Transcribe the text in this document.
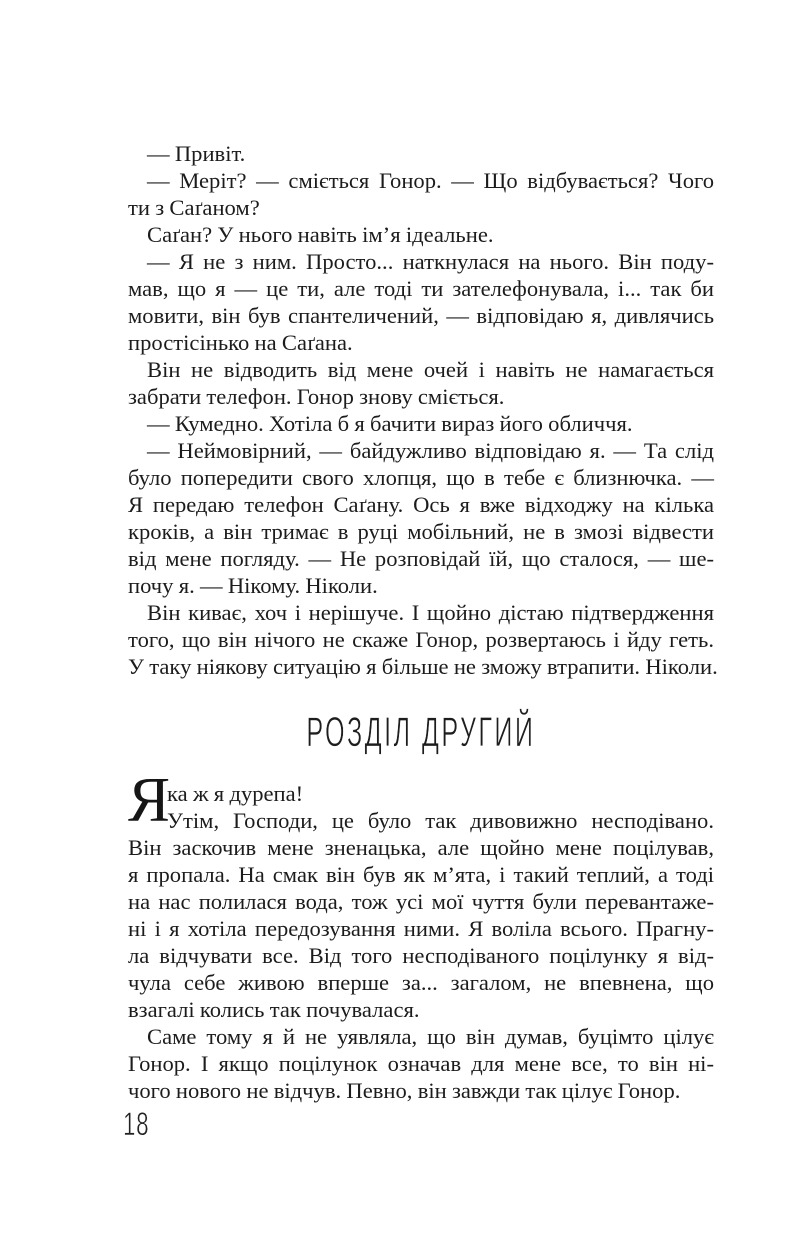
— Привіт.
— Меріт? — сміється Гонор. — Що відбувається? Чого
ти з Саґаном?
Саґан? У нього навіть ім’я ідеальне.
— Я не з ним. Просто... наткнулася на нього. Він поду-
мав, що я — це ти, але тоді ти зателефонувала, і... так би
мовити, він був спантеличений, — відповідаю я, дивлячись
простісінько на Саґана.
Він не відводить від мене очей і навіть не намагається
забрати телефон. Гонор знову сміється.
— Кумедно. Хотіла б я бачити вираз його обличчя.
— Неймовірний, — байдужливо відповідаю я. — Та слід
було попередити свого хлопця, що в тебе є близнючка. —
Я передаю телефон Саґану. Ось я вже відходжу на кілька
кроків, а він тримає в руці мобільний, не в змозі відвести
від мене погляду. — Не розповідай їй, що сталося, — ше-
почу я. — Нікому. Ніколи.
Він киває, хоч і нерішуче. І щойно дістаю підтвердження
того, що він нічого не скаже Гонор, розвертаюсь і йду геть.
У таку ніякову ситуацію я більше не зможу втрапити. Ніколи.
РОЗДІЛ ДРУГИЙ
Я
ка ж я дурепа!
Утім, Господи, це було так дивовижно несподівано.
Він заскочив мене зненацька, але щойно мене поцілував,
я пропала. На смак він був як м’ята, і такий теплий, а тоді
на нас полилася вода, тож усі мої чуття були перевантаже-
ні і я хотіла передозування ними. Я воліла всього. Прагну-
ла відчувати все. Від того несподіваного поцілунку я від-
чула себе живою вперше за... загалом, не впевнена, що
взагалі колись так почувалася.
Саме тому я й не уявляла, що він думав, буцімто цілує
Гонор. І якщо поцілунок означав для мене все, то він ні-
чого нового не відчув. Певно, він завжди так цілує Гонор.
18
